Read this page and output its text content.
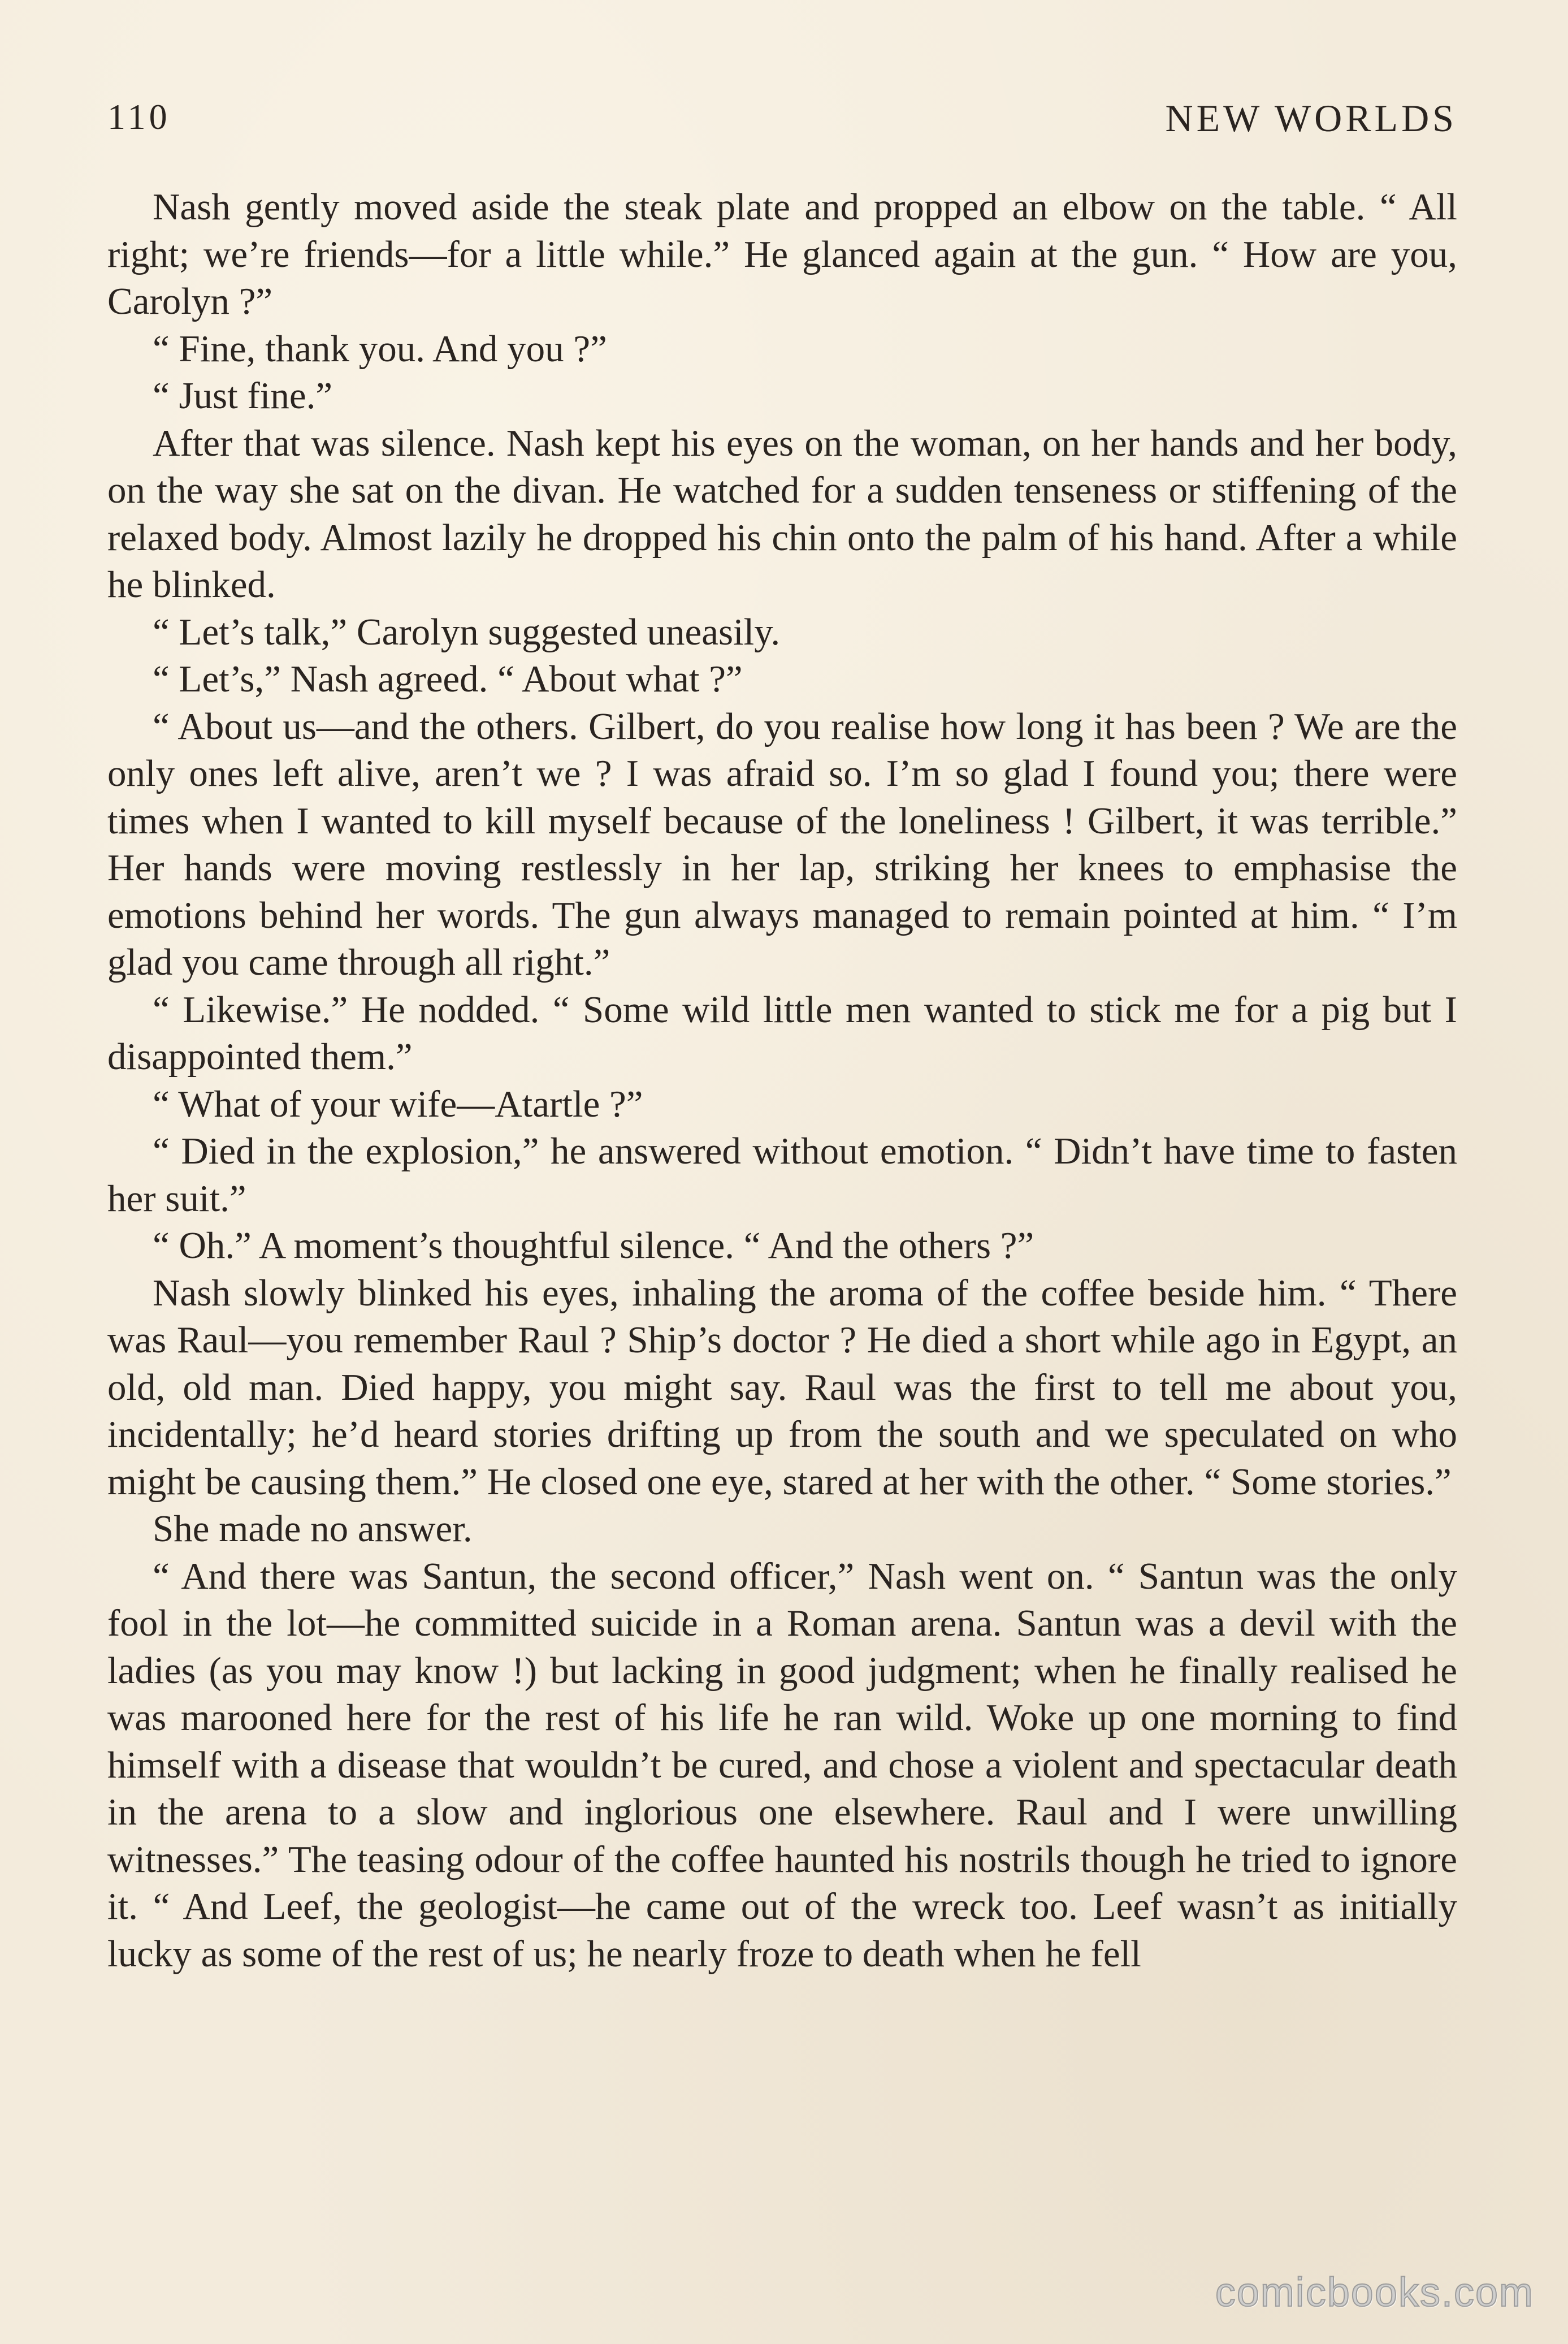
110	NEW WORLDS

Nash gently moved aside the steak plate and propped an elbow on the table. “ All right; we’re friends—for a little while.” He glanced again at the gun. “ How are you, Carolyn ?”

“ Fine, thank you. And you ?”

“ Just fine.”

After that was silence. Nash kept his eyes on the woman, on her hands and her body, on the way she sat on the divan. He watched for a sudden tenseness or stiffening of the relaxed body. Almost lazily he dropped his chin onto the palm of his hand. After a while he blinked.

“ Let’s talk,” Carolyn suggested uneasily.

“ Let’s,” Nash agreed. “ About what ?”

“ About us—and the others. Gilbert, do you realise how long it has been ? We are the only ones left alive, aren’t we ? I was afraid so. I’m so glad I found you; there were times when I wanted to kill myself because of the loneliness ! Gilbert, it was terrible.” Her hands were moving restlessly in her lap, striking her knees to emphasise the emotions behind her words. The gun always managed to remain pointed at him. “ I’m glad you came through all right.”

“ Likewise.” He nodded. “ Some wild little men wanted to stick me for a pig but I disappointed them.”

“ What of your wife—Atartle ?”

“ Died in the explosion,” he answered without emotion. “ Didn’t have time to fasten her suit.”

“ Oh.” A moment’s thoughtful silence. “ And the others ?”

Nash slowly blinked his eyes, inhaling the aroma of the coffee beside him. “ There was Raul—you remember Raul ? Ship’s doctor ? He died a short while ago in Egypt, an old, old man. Died happy, you might say. Raul was the first to tell me about you, incidentally; he’d heard stories drifting up from the south and we speculated on who might be causing them.” He closed one eye, stared at her with the other. “ Some stories.”

She made no answer.

“ And there was Santun, the second officer,” Nash went on. “ Santun was the only fool in the lot—he committed suicide in a Roman arena. Santun was a devil with the ladies (as you may know !) but lacking in good judgment; when he finally realised he was marooned here for the rest of his life he ran wild. Woke up one morning to find himself with a disease that wouldn’t be cured, and chose a violent and spectacular death in the arena to a slow and inglorious one elsewhere. Raul and I were unwilling witnesses.” The teasing odour of the coffee haunted his nostrils though he tried to ignore it. “ And Leef, the geologist—he came out of the wreck too. Leef wasn’t as initially lucky as some of the rest of us; he nearly froze to death when he fell

comicbooks.com
